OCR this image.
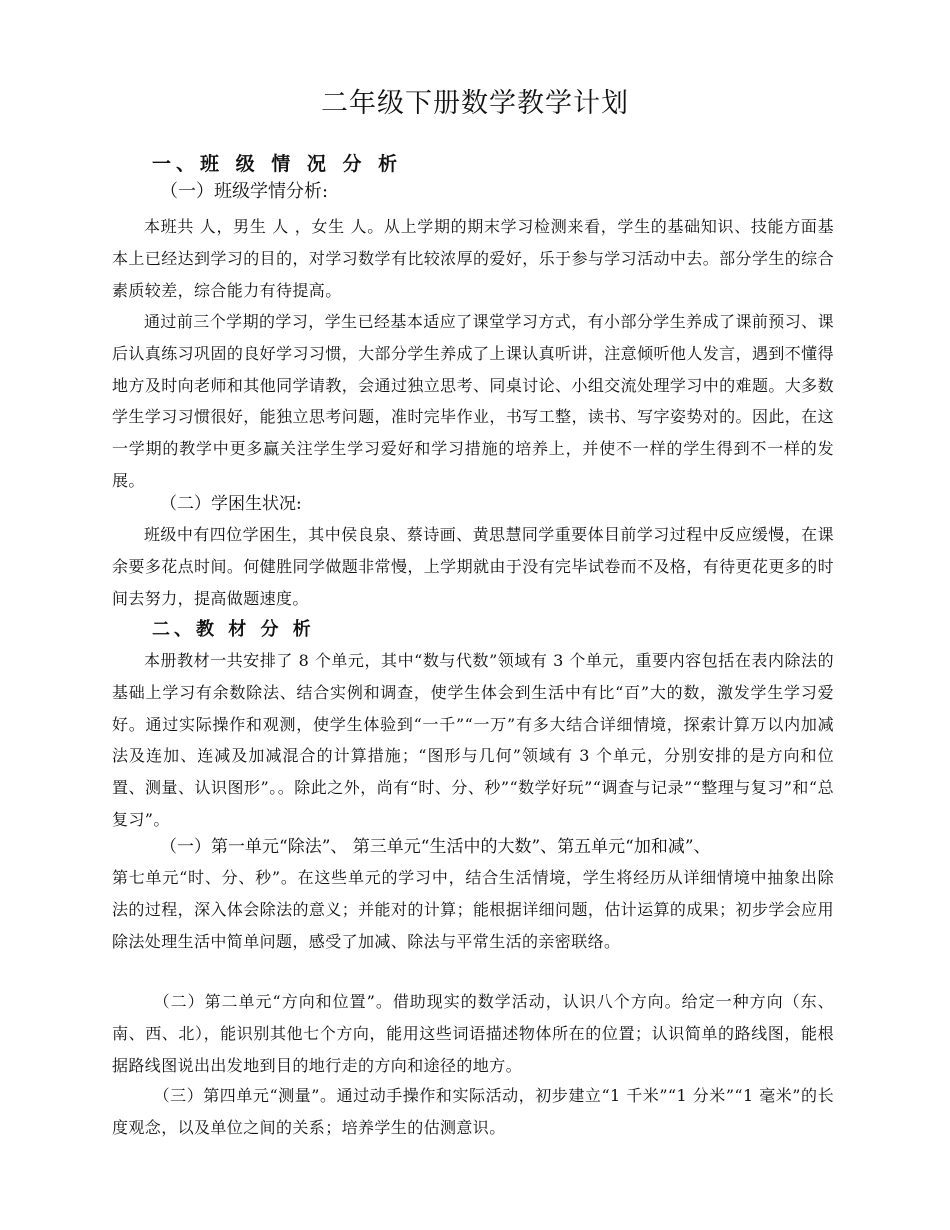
二年级下册数学教学计划
一、班 级 情 况 分 析
（一）班级学情分析:
本班共 人，男生 人 ，女生 人。从上学期的期末学习检测来看，学生的基础知识、技能方面基本上已经达到学习的目的，对学习数学有比较浓厚的爱好，乐于参与学习活动中去。部分学生的综合素质较差，综合能力有待提高。
通过前三个学期的学习，学生已经基本适应了课堂学习方式，有小部分学生养成了课前预习、课后认真练习巩固的良好学习习惯，大部分学生养成了上课认真听讲，注意倾听他人发言，遇到不懂得地方及时向老师和其他同学请教，会通过独立思考、同桌讨论、小组交流处理学习中的难题。大多数学生学习习惯很好，能独立思考问题，准时完毕作业，书写工整，读书、写字姿势对的。因此，在这一学期的教学中更多赢关注学生学习爱好和学习措施的培养上，并使不一样的学生得到不一样的发展。
（二）学困生状况:
班级中有四位学困生，其中侯良泉、蔡诗画、黄思慧同学重要体目前学习过程中反应缓慢，在课余要多花点时间。何健胜同学做题非常慢，上学期就由于没有完毕试卷而不及格，有待更花更多的时间去努力，提高做题速度。
二、教 材 分 析
本册教材一共安排了 8 个单元，其中“数与代数”领域有 3 个单元，重要内容包括在表内除法的基础上学习有余数除法、结合实例和调查，使学生体会到生活中有比“百”大的数，激发学生学习爱好。通过实际操作和观测，使学生体验到“一千”“一万”有多大结合详细情境，探索计算万以内加减法及连加、连减及加减混合的计算措施；“图形与几何”领域有 3 个单元，分别安排的是方向和位置、测量、认识图形”。。除此之外，尚有“时、分、秒”“数学好玩”“调查与记录”“整理与复习”和“总复习”。
（一）第一单元“除法”、 第三单元“生活中的大数”、第五单元“加和减”、
第七单元“时、分、秒”。在这些单元的学习中，结合生活情境，学生将经历从详细情境中抽象出除法的过程，深入体会除法的意义；并能对的计算；能根据详细问题，估计运算的成果；初步学会应用除法处理生活中简单问题，感受了加减、除法与平常生活的亲密联络。
（二）第二单元“方向和位置”。借助现实的数学活动，认识八个方向。给定一种方向（东、南、西、北），能识别其他七个方向，能用这些词语描述物体所在的位置；认识简单的路线图，能根据路线图说出出发地到目的地行走的方向和途径的地方。
（三）第四单元“测量”。通过动手操作和实际活动，初步建立“1 千米”“1 分米”“1 毫米”的长度观念，以及单位之间的关系；培养学生的估测意识。
